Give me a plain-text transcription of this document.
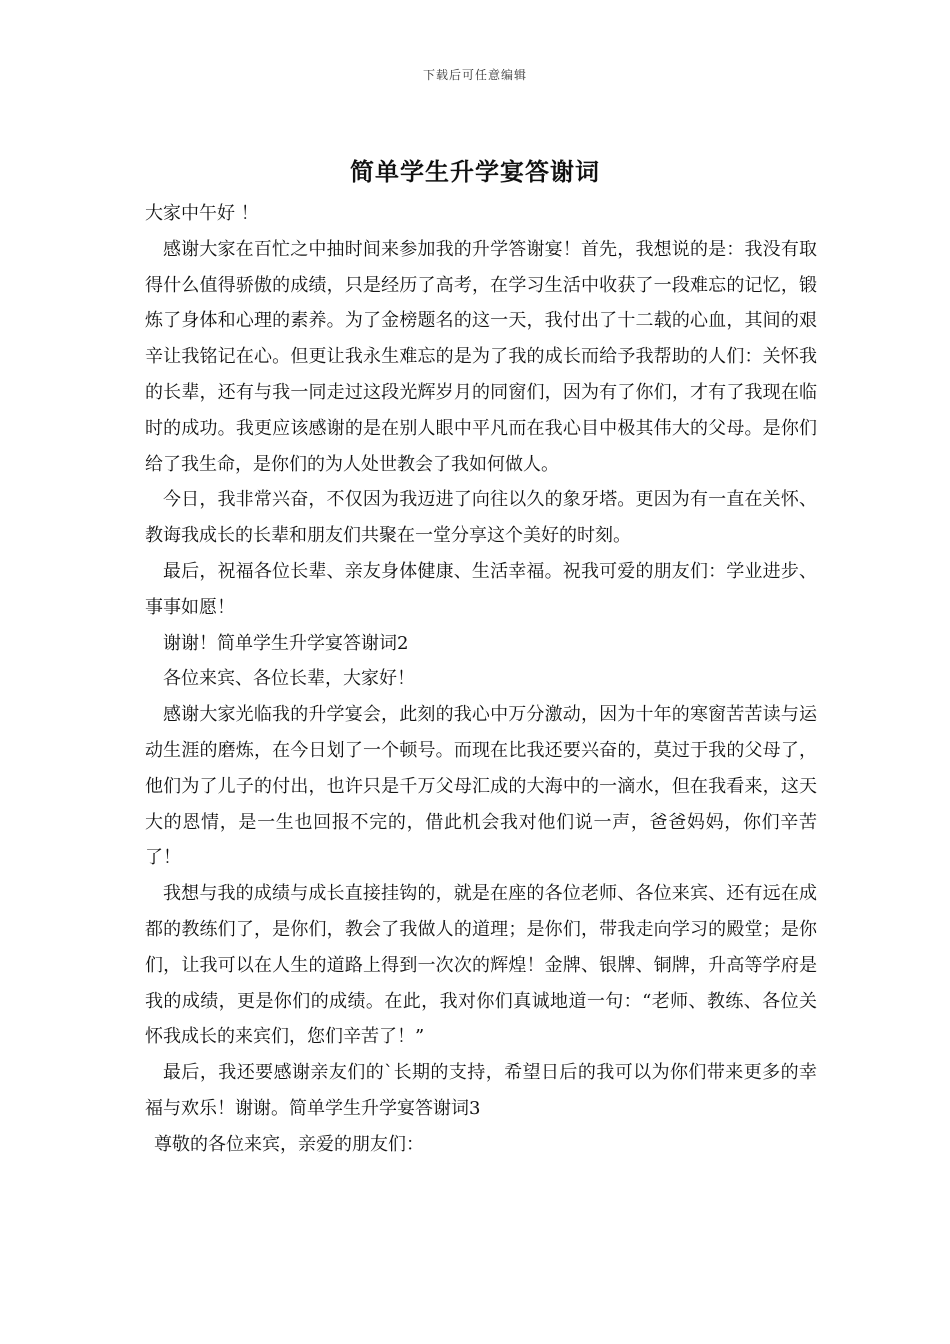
下载后可任意编辑
简单学生升学宴答谢词

大家中午好 ！

感谢大家在百忙之中抽时间来参加我的升学答谢宴！首先，我想说的是：我没有取得什么值得骄傲的成绩，只是经历了高考，在学习生活中收获了一段难忘的记忆，锻炼了身体和心理的素养。为了金榜题名的这一天，我付出了十二载的心血，其间的艰辛让我铭记在心。但更让我永生难忘的是为了我的成长而给予我帮助的人们：关怀我的长辈，还有与我一同走过这段光辉岁月的同窗们，因为有了你们，才有了我现在临时的成功。我更应该感谢的是在别人眼中平凡而在我心目中极其伟大的父母。是你们给了我生命，是你们的为人处世教会了我如何做人。

今日，我非常兴奋，不仅因为我迈进了向往以久的象牙塔。更因为有一直在关怀、教诲我成长的长辈和朋友们共聚在一堂分享这个美好的时刻。

最后，祝福各位长辈、亲友身体健康、生活幸福。祝我可爱的朋友们：学业进步、事事如愿！

谢谢！简单学生升学宴答谢词2

各位来宾、各位长辈，大家好！

感谢大家光临我的升学宴会，此刻的我心中万分激动，因为十年的寒窗苦苦读与运动生涯的磨炼，在今日划了一个顿号。而现在比我还要兴奋的，莫过于我的父母了，他们为了儿子的付出，也许只是千万父母汇成的大海中的一滴水，但在我看来，这天大的恩情，是一生也回报不完的，借此机会我对他们说一声，爸爸妈妈，你们辛苦了！

我想与我的成绩与成长直接挂钩的，就是在座的各位老师、各位来宾、还有远在成都的教练们了，是你们，教会了我做人的道理；是你们，带我走向学习的殿堂；是你们，让我可以在人生的道路上得到一次次的辉煌！金牌、银牌、铜牌，升高等学府是我的成绩，更是你们的成绩。在此，我对你们真诚地道一句：“老师、教练、各位关怀我成长的来宾们，您们辛苦了！”

最后，我还要感谢亲友们的`长期的支持，希望日后的我可以为你们带来更多的幸福与欢乐！谢谢。简单学生升学宴答谢词3

尊敬的各位来宾，亲爱的朋友们：
